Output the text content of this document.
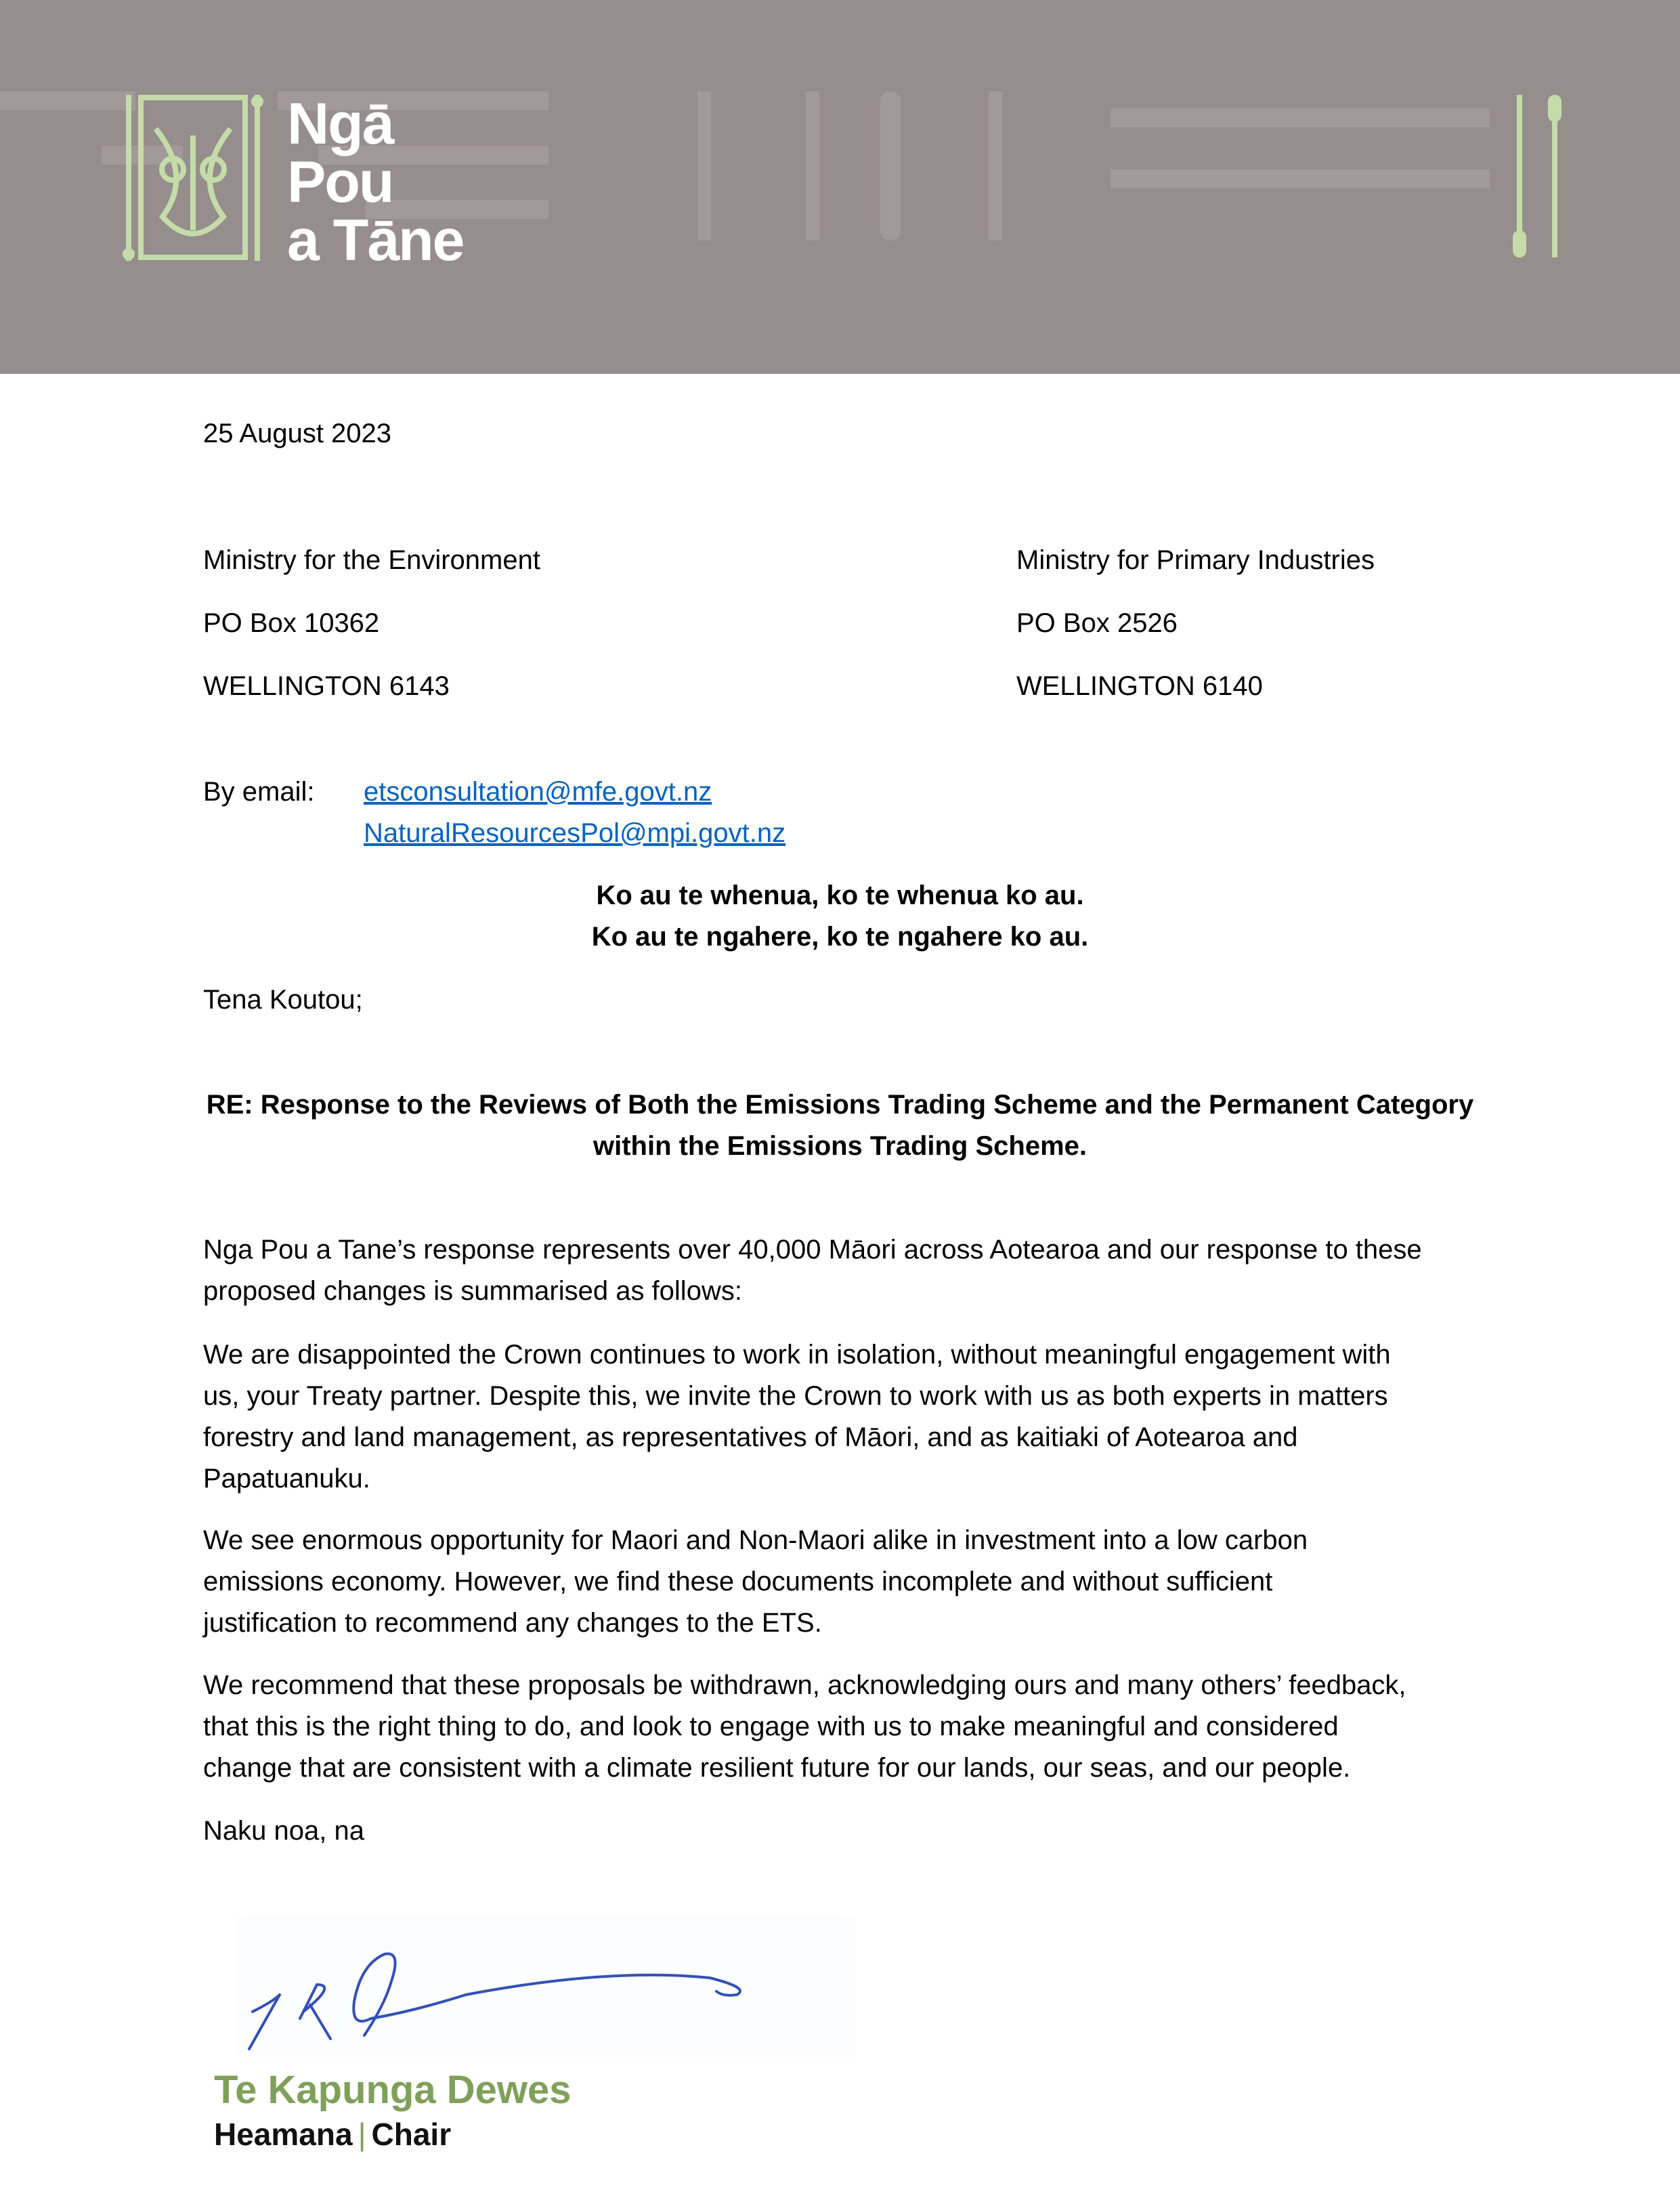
Ngā
Pou
a Tāne
25 August 2023
Ministry for the Environment
PO Box 10362
WELLINGTON 6143
Ministry for Primary Industries
PO Box 2526
WELLINGTON 6140
By email: etsconsultation@mfe.govt.nz
NaturalResourcesPol@mpi.govt.nz
Ko au te whenua, ko te whenua ko au.
Ko au te ngahere, ko te ngahere ko au.
Tena Koutou;
RE: Response to the Reviews of Both the Emissions Trading Scheme and the Permanent Category
within the Emissions Trading Scheme.
Nga Pou a Tane’s response represents over 40,000 Māori across Aotearoa and our response to these
proposed changes is summarised as follows:
We are disappointed the Crown continues to work in isolation, without meaningful engagement with
us, your Treaty partner. Despite this, we invite the Crown to work with us as both experts in matters
forestry and land management, as representatives of Māori, and as kaitiaki of Aotearoa and
Papatuanuku.
We see enormous opportunity for Maori and Non-Maori alike in investment into a low carbon
emissions economy. However, we find these documents incomplete and without sufficient
justification to recommend any changes to the ETS.
We recommend that these proposals be withdrawn, acknowledging ours and many others’ feedback,
that this is the right thing to do, and look to engage with us to make meaningful and considered
change that are consistent with a climate resilient future for our lands, our seas, and our people.
Naku noa, na
Te Kapunga Dewes
Heamana | Chair
